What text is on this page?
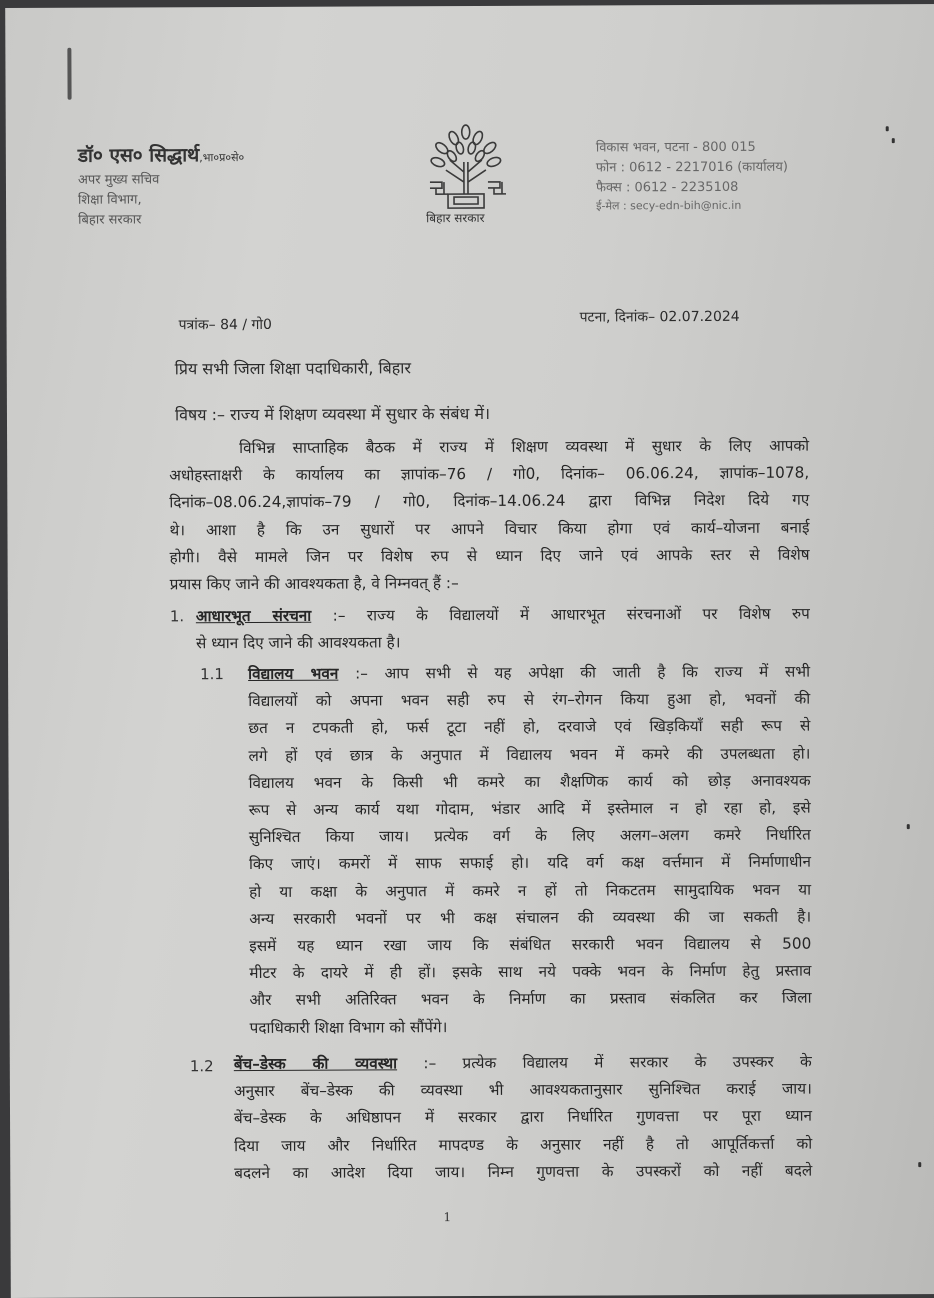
डॉ० एस० सिद्धार्थ,भा०प्र०से०
अपर मुख्य सचिव
शिक्षा विभाग,
बिहार सरकार	बिहार सरकार
विकास भवन, पटना - 800 015
फोन : 0612 - 2217016 (कार्यालय)
फैक्स : 0612 - 2235108
ई-मेल : secy-edn-bih@nic.in
पत्रांक– 84 / गो0	पटना, दिनांक– 02.07.2024
प्रिय सभी जिला शिक्षा पदाधिकारी, बिहार
विषय :– राज्य में शिक्षण व्यवस्था में सुधार के संबंध में।
विभिन्न साप्ताहिक बैठक में राज्य में शिक्षण व्यवस्था में सुधार के लिए आपको
अधोहस्ताक्षरी के कार्यालय का ज्ञापांक–76 / गो0, दिनांक– 06.06.24, ज्ञापांक–1078,
दिनांक–08.06.24,ज्ञापांक–79 / गो0, दिनांक–14.06.24 द्वारा विभिन्न निदेश दिये गए
थे। आशा है कि उन सुधारों पर आपने विचार किया होगा एवं कार्य–योजना बनाई
होगी। वैसे मामले जिन पर विशेष रुप से ध्यान दिए जाने एवं आपके स्तर से विशेष
प्रयास किए जाने की आवश्यकता है, वे निम्नवत् हैं :–
1. आधारभूत संरचना :– राज्य के विद्यालयों में आधारभूत संरचनाओं पर विशेष रुप
से ध्यान दिए जाने की आवश्यकता है।
1.1 विद्यालय भवन :– आप सभी से यह अपेक्षा की जाती है कि राज्य में सभी
विद्यालयों को अपना भवन सही रुप से रंग–रोगन किया हुआ हो, भवनों की
छत न टपकती हो, फर्स टूटा नहीं हो, दरवाजे एवं खिड़कियाँ सही रूप से
लगे हों एवं छात्र के अनुपात में विद्यालय भवन में कमरे की उपलब्धता हो।
विद्यालय भवन के किसी भी कमरे का शैक्षणिक कार्य को छोड़ अनावश्यक
रूप से अन्य कार्य यथा गोदाम, भंडार आदि में इस्तेमाल न हो रहा हो, इसे
सुनिश्चित किया जाय। प्रत्येक वर्ग के लिए अलग–अलग कमरे निर्धारित
किए जाएं। कमरों में साफ सफाई हो। यदि वर्ग कक्ष वर्त्तमान में निर्माणाधीन
हो या कक्षा के अनुपात में कमरे न हों तो निकटतम सामुदायिक भवन या
अन्य सरकारी भवनों पर भी कक्ष संचालन की व्यवस्था की जा सकती है।
इसमें यह ध्यान रखा जाय कि संबंधित सरकारी भवन विद्यालय से 500
मीटर के दायरे में ही हों। इसके साथ नये पक्के भवन के निर्माण हेतु प्रस्ताव
और सभी अतिरिक्त भवन के निर्माण का प्रस्ताव संकलित कर जिला
पदाधिकारी शिक्षा विभाग को सौंपेंगे।
1.2 बेंच–डेस्क की व्यवस्था :– प्रत्येक विद्यालय में सरकार के उपस्कर के
अनुसार बेंच–डेस्क की व्यवस्था भी आवश्यकतानुसार सुनिश्चित कराई जाय।
बेंच–डेस्क के अधिष्ठापन में सरकार द्वारा निर्धारित गुणवत्ता पर पूरा ध्यान
दिया जाय और निर्धारित मापदण्ड के अनुसार नहीं है तो आपूर्तिकर्त्ता को
बदलने का आदेश दिया जाय। निम्न गुणवत्ता के उपस्करों को नहीं बदले
1
